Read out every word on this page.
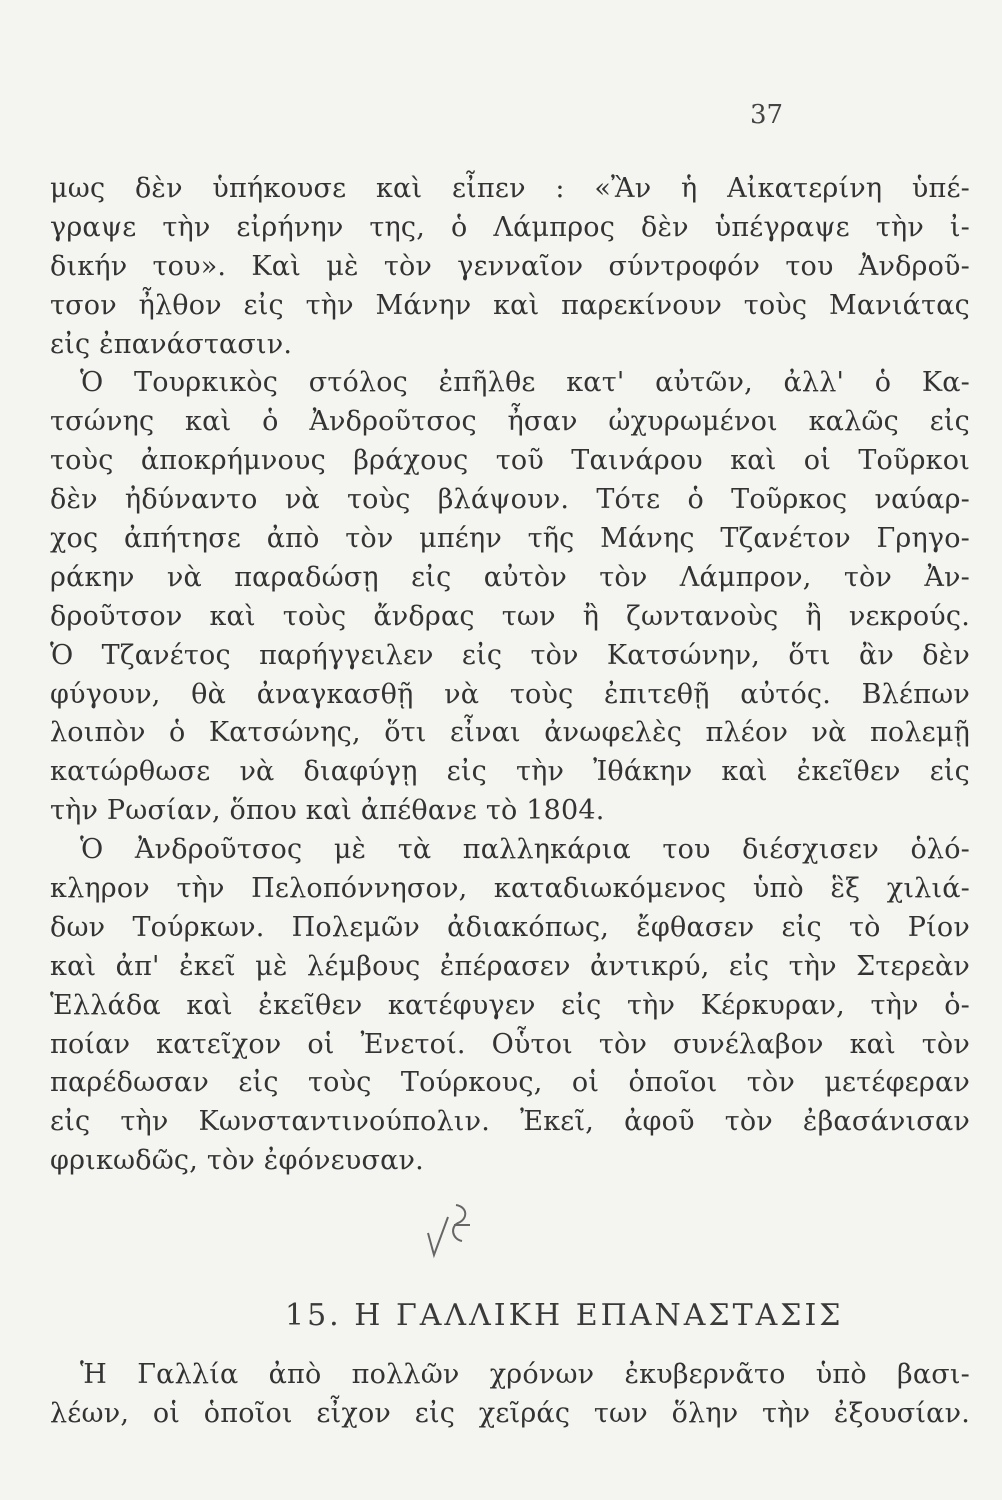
37
μως δὲν ὑπήκουσε καὶ εἶπεν : «Ἂν ἡ Αἰκατερίνη ὑπέ-
γραψε τὴν εἰρήνην της, ὁ Λάμπρος δὲν ὑπέγραψε τὴν ἰ-
δικήν του». Καὶ μὲ τὸν γενναῖον σύντροφόν του Ἀνδροῦ-
τσον ἦλθον εἰς τὴν Μάνην καὶ παρεκίνουν τοὺς Μανιάτας
εἰς ἐπανάστασιν.
Ὁ Τουρκικὸς στόλος ἐπῆλθε κατ' αὐτῶν, ἀλλ' ὁ Κα-
τσώνης καὶ ὁ Ἀνδροῦτσος ἦσαν ὠχυρωμένοι καλῶς εἰς
τοὺς ἀποκρήμνους βράχους τοῦ Ταινάρου καὶ οἱ Τοῦρκοι
δὲν ἠδύναντο νὰ τοὺς βλάψουν. Τότε ὁ Τοῦρκος ναύαρ-
χος ἀπήτησε ἀπὸ τὸν μπέην τῆς Μάνης Τζανέτον Γρηγο-
ράκην νὰ παραδώσῃ εἰς αὐτὸν τὸν Λάμπρον, τὸν Ἀν-
δροῦτσον καὶ τοὺς ἄνδρας των ἢ ζωντανοὺς ἢ νεκρούς.
Ὁ Τζανέτος παρήγγειλεν εἰς τὸν Κατσώνην, ὅτι ἂν δὲν
φύγουν, θὰ ἀναγκασθῇ νὰ τοὺς ἐπιτεθῇ αὐτός. Βλέπων
λοιπὸν ὁ Κατσώνης, ὅτι εἶναι ἀνωφελὲς πλέον νὰ πολεμῇ
κατώρθωσε νὰ διαφύγῃ εἰς τὴν Ἰθάκην καὶ ἐκεῖθεν εἰς
τὴν Ρωσίαν, ὅπου καὶ ἀπέθανε τὸ 1804.
Ὁ Ἀνδροῦτσος μὲ τὰ παλληκάρια του διέσχισεν ὁλό-
κληρον τὴν Πελοπόννησον, καταδιωκόμενος ὑπὸ ἓξ χιλιά-
δων Τούρκων. Πολεμῶν ἀδιακόπως, ἔφθασεν εἰς τὸ Ρίον
καὶ ἀπ' ἐκεῖ μὲ λέμβους ἐπέρασεν ἀντικρύ, εἰς τὴν Στερεὰν
Ἑλλάδα καὶ ἐκεῖθεν κατέφυγεν εἰς τὴν Κέρκυραν, τὴν ὁ-
ποίαν κατεῖχον οἱ Ἐνετοί. Οὗτοι τὸν συνέλαβον καὶ τὸν
παρέδωσαν εἰς τοὺς Τούρκους, οἱ ὁποῖοι τὸν μετέφεραν
εἰς τὴν Κωνσταντινούπολιν. Ἐκεῖ, ἀφοῦ τὸν ἐβασάνισαν
φρικωδῶς, τὸν ἐφόνευσαν.
15. Η ΓΑΛΛΙΚΗ ΕΠΑΝΑΣΤΑΣΙΣ
Ἡ Γαλλία ἀπὸ πολλῶν χρόνων ἐκυβερνᾶτο ὑπὸ βασι-
λέων, οἱ ὁποῖοι εἶχον εἰς χεῖράς των ὅλην τὴν ἐξουσίαν.
